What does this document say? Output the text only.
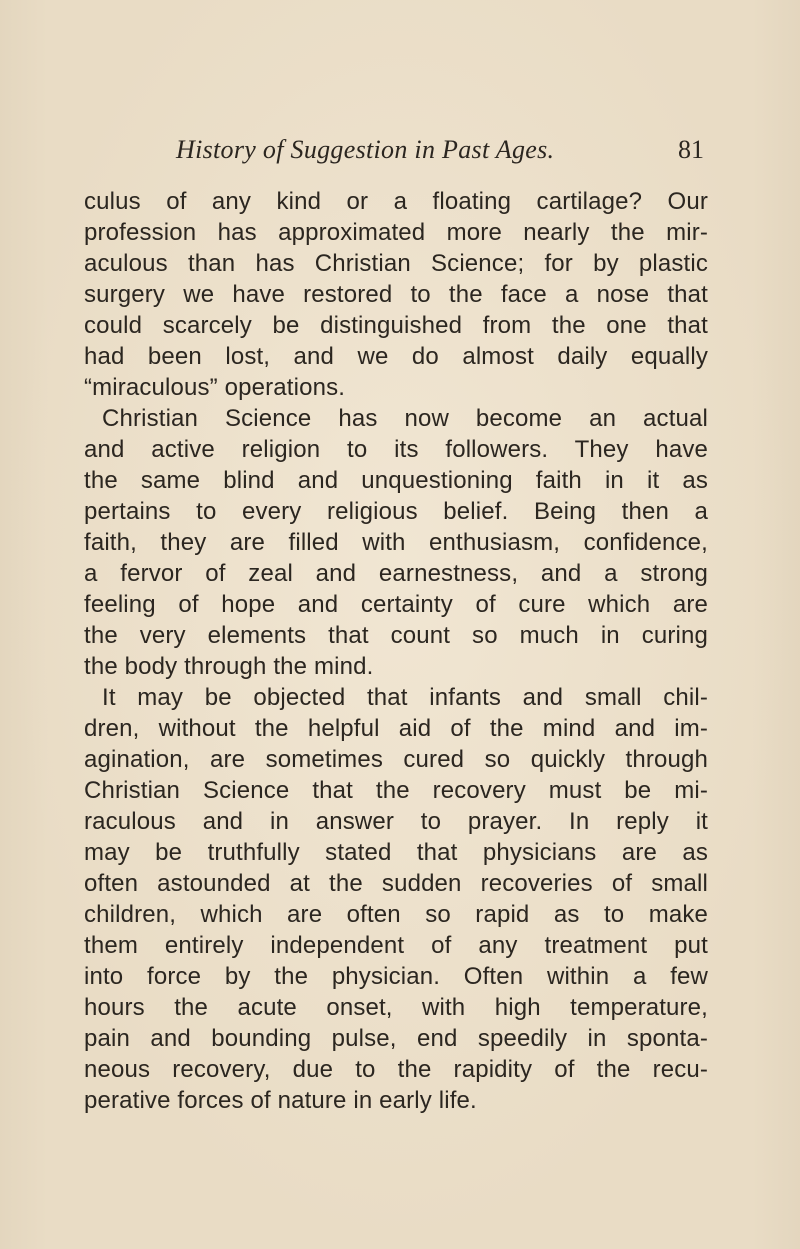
History of Suggestion in Past Ages.	81
culus of any kind or a floating cartilage? Our
profession has approximated more nearly the mir-
aculous than has Christian Science; for by plastic
surgery we have restored to the face a nose that
could scarcely be distinguished from the one that
had been lost, and we do almost daily equally
“miraculous” operations.
Christian Science has now become an actual
and active religion to its followers. They have
the same blind and unquestioning faith in it as
pertains to every religious belief. Being then a
faith, they are filled with enthusiasm, confidence,
a fervor of zeal and earnestness, and a strong
feeling of hope and certainty of cure which are
the very elements that count so much in curing
the body through the mind.
It may be objected that infants and small chil-
dren, without the helpful aid of the mind and im-
agination, are sometimes cured so quickly through
Christian Science that the recovery must be mi-
raculous and in answer to prayer. In reply it
may be truthfully stated that physicians are as
often astounded at the sudden recoveries of small
children, which are often so rapid as to make
them entirely independent of any treatment put
into force by the physician. Often within a few
hours the acute onset, with high temperature,
pain and bounding pulse, end speedily in sponta-
neous recovery, due to the rapidity of the recu-
perative forces of nature in early life.
